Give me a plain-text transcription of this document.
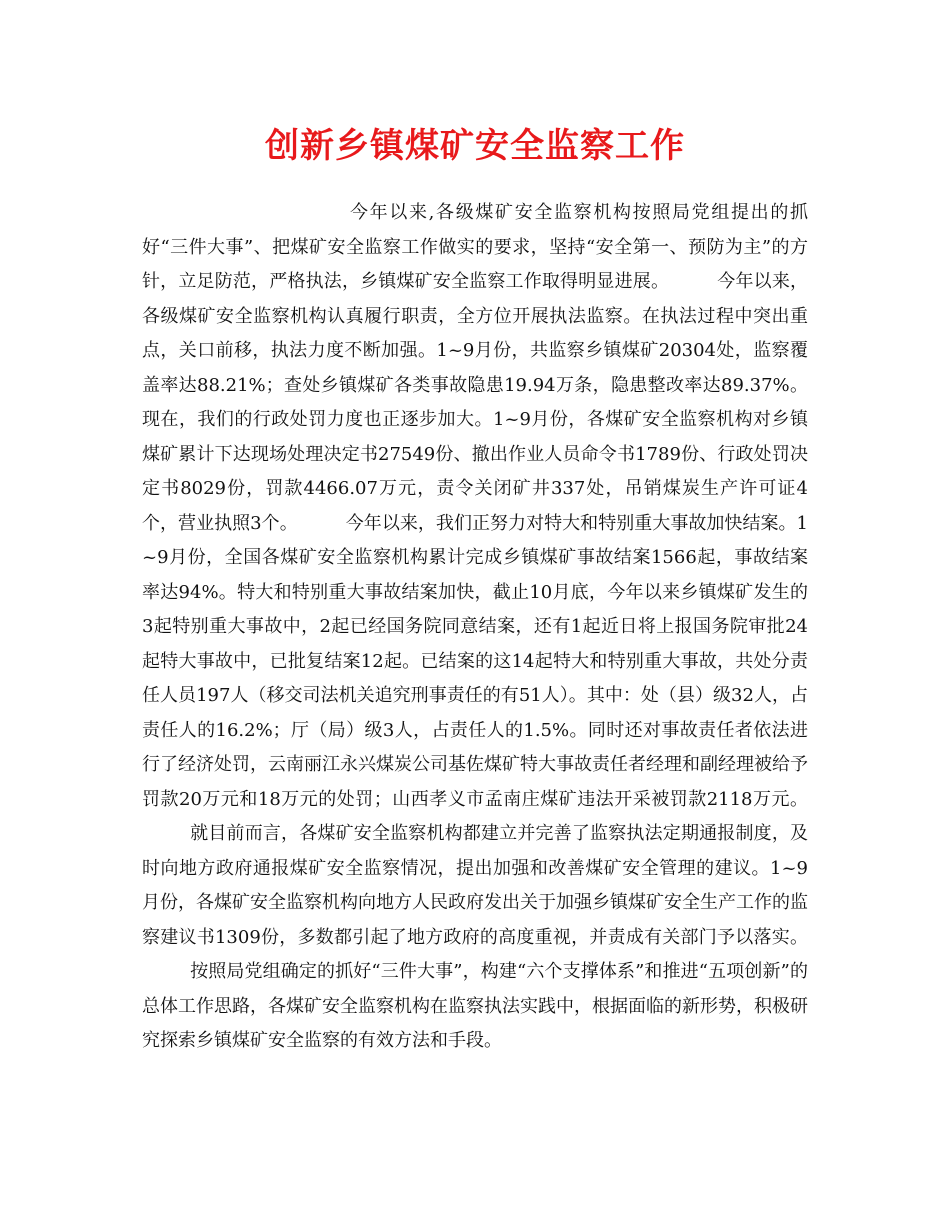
创新乡镇煤矿安全监察工作

今年以来,各级煤矿安全监察机构按照局党组提出的抓好“三件大事”、把煤矿安全监察工作做实的要求，坚持“安全第一、预防为主”的方针，立足防范，严格执法，乡镇煤矿安全监察工作取得明显进展。	今年以来，各级煤矿安全监察机构认真履行职责，全方位开展执法监察。在执法过程中突出重点，关口前移，执法力度不断加强。1~9月份，共监察乡镇煤矿20304处，监察覆盖率达88.21%；查处乡镇煤矿各类事故隐患19.94万条，隐患整改率达89.37%。现在，我们的行政处罚力度也正逐步加大。1~9月份，各煤矿安全监察机构对乡镇煤矿累计下达现场处理决定书27549份、撤出作业人员命令书1789份、行政处罚决定书8029份，罚款4466.07万元，责令关闭矿井337处，吊销煤炭生产许可证4个，营业执照3个。	今年以来，我们正努力对特大和特别重大事故加快结案。1~9月份，全国各煤矿安全监察机构累计完成乡镇煤矿事故结案1566起，事故结案率达94%。特大和特别重大事故结案加快，截止10月底，今年以来乡镇煤矿发生的3起特别重大事故中，2起已经国务院同意结案，还有1起近日将上报国务院审批24起特大事故中，已批复结案12起。已结案的这14起特大和特别重大事故，共处分责任人员197人（移交司法机关追究刑事责任的有51人）。其中：处（县）级32人，占责任人的16.2%；厅（局）级3人，占责任人的1.5%。同时还对事故责任者依法进行了经济处罚，云南丽江永兴煤炭公司基佐煤矿特大事故责任者经理和副经理被给予罚款20万元和18万元的处罚；山西孝义市孟南庄煤矿违法开采被罚款2118万元。就目前而言，各煤矿安全监察机构都建立并完善了监察执法定期通报制度，及时向地方政府通报煤矿安全监察情况，提出加强和改善煤矿安全管理的建议。1~9月份，各煤矿安全监察机构向地方人民政府发出关于加强乡镇煤矿安全生产工作的监察建议书1309份，多数都引起了地方政府的高度重视，并责成有关部门予以落实。按照局党组确定的抓好“三件大事”，构建“六个支撑体系”和推进“五项创新”的总体工作思路，各煤矿安全监察机构在监察执法实践中，根据面临的新形势，积极研究探索乡镇煤矿安全监察的有效方法和手段。
